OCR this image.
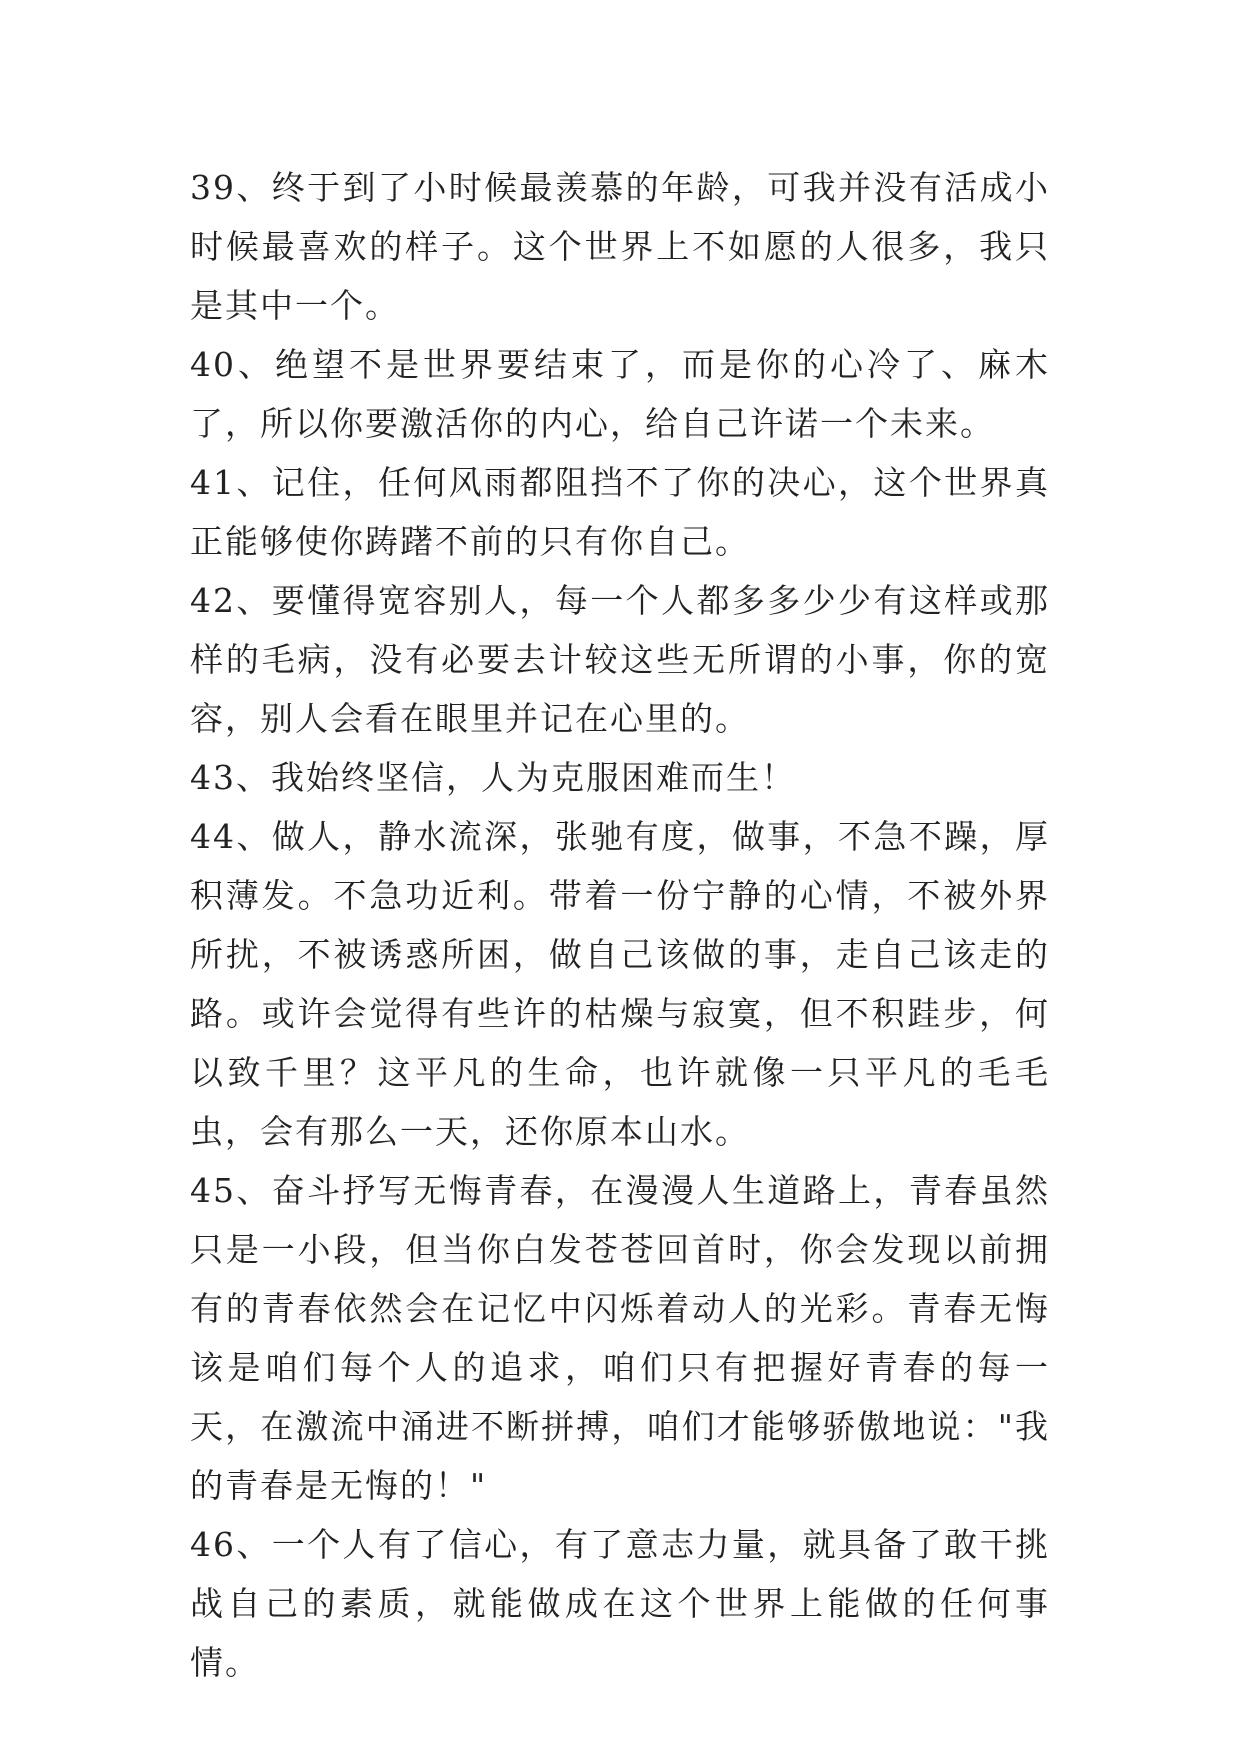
39、终于到了小时候最羡慕的年龄，可我并没有活成小时候最喜欢的样子。这个世界上不如愿的人很多，我只是其中一个。

40、绝望不是世界要结束了，而是你的心冷了、麻木了，所以你要激活你的内心，给自己许诺一个未来。

41、记住，任何风雨都阻挡不了你的决心，这个世界真正能够使你踌躇不前的只有你自己。

42、要懂得宽容别人，每一个人都多多少少有这样或那样的毛病，没有必要去计较这些无所谓的小事，你的宽容，别人会看在眼里并记在心里的。

43、我始终坚信，人为克服困难而生！

44、做人，静水流深，张驰有度，做事，不急不躁，厚积薄发。不急功近利。带着一份宁静的心情，不被外界所扰，不被诱惑所困，做自己该做的事，走自己该走的路。或许会觉得有些许的枯燥与寂寞，但不积跬步，何以致千里？这平凡的生命，也许就像一只平凡的毛毛虫，会有那么一天，还你原本山水。

45、奋斗抒写无悔青春，在漫漫人生道路上，青春虽然只是一小段，但当你白发苍苍回首时，你会发现以前拥有的青春依然会在记忆中闪烁着动人的光彩。青春无悔该是咱们每个人的追求，咱们只有把握好青春的每一天，在激流中涌进不断拼搏，咱们才能够骄傲地说："我的青春是无悔的！"

46、一个人有了信心，有了意志力量，就具备了敢干挑战自己的素质，就能做成在这个世界上能做的任何事情。
